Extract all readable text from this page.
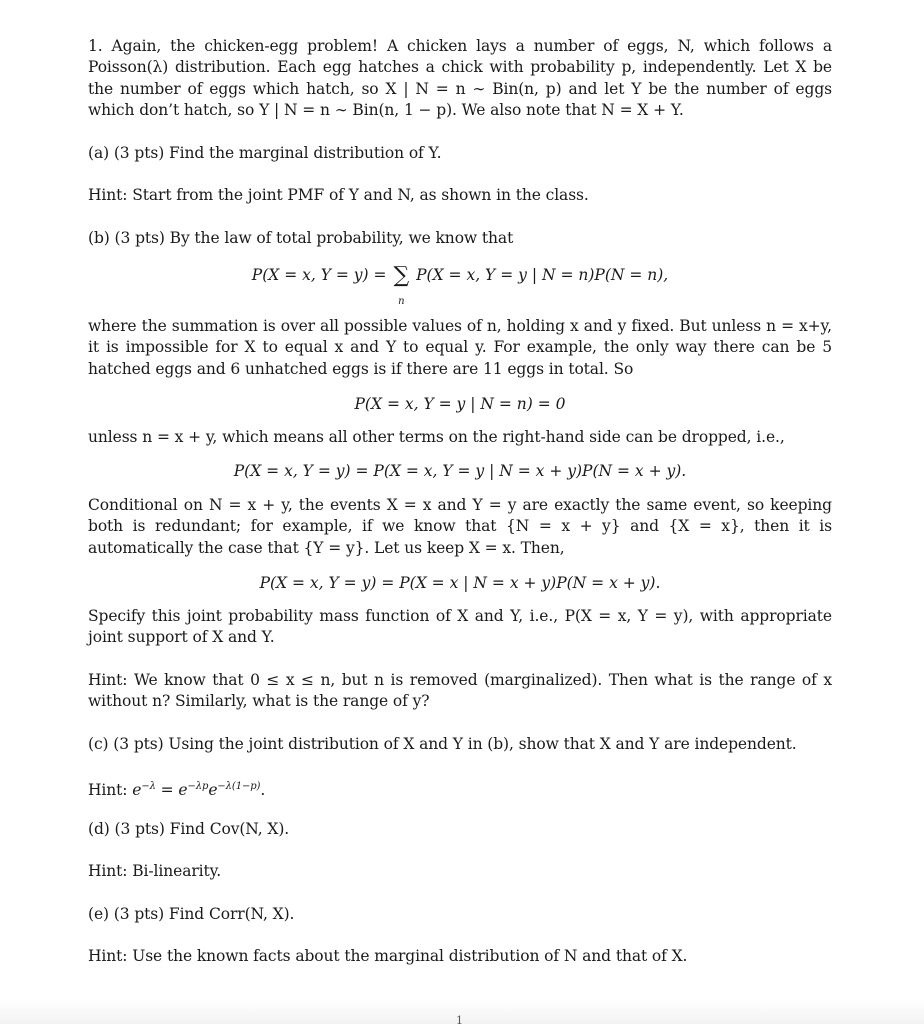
1. Again, the chicken-egg problem! A chicken lays a number of eggs, N, which follows a Poisson(λ) distribution. Each egg hatches a chick with probability p, independently. Let X be the number of eggs which hatch, so X | N = n ∼ Bin(n, p) and let Y be the number of eggs which don’t hatch, so Y | N = n ∼ Bin(n, 1 − p). We also note that N = X + Y.
(a) (3 pts) Find the marginal distribution of Y.
Hint: Start from the joint PMF of Y and N, as shown in the class.
(b) (3 pts) By the law of total probability, we know that
P(X = x, Y = y) = ∑
n
P(X = x, Y = y | N = n)P(N = n),
where the summation is over all possible values of n, holding x and y fixed. But unless n = x+y, it is impossible for X to equal x and Y to equal y. For example, the only way there can be 5 hatched eggs and 6 unhatched eggs is if there are 11 eggs in total. So
P(X = x, Y = y | N = n) = 0
unless n = x + y, which means all other terms on the right-hand side can be dropped, i.e.,
P(X = x, Y = y) = P(X = x, Y = y | N = x + y)P(N = x + y).
Conditional on N = x + y, the events X = x and Y = y are exactly the same event, so keeping both is redundant; for example, if we know that {N = x + y} and {X = x}, then it is automatically the case that {Y = y}. Let us keep X = x. Then,
P(X = x, Y = y) = P(X = x | N = x + y)P(N = x + y).
Specify this joint probability mass function of X and Y, i.e., P(X = x, Y = y), with appropriate joint support of X and Y.
Hint: We know that 0 ≤ x ≤ n, but n is removed (marginalized). Then what is the range of x without n? Similarly, what is the range of y?
(c) (3 pts) Using the joint distribution of X and Y in (b), show that X and Y are independent.
Hint: $e^{-\lambda} = e^{-\lambda p}e^{-\lambda(1-p)}$.
(d) (3 pts) Find Cov(N, X).
Hint: Bi-linearity.
(e) (3 pts) Find Corr(N, X).
Hint: Use the known facts about the marginal distribution of N and that of X.
1
